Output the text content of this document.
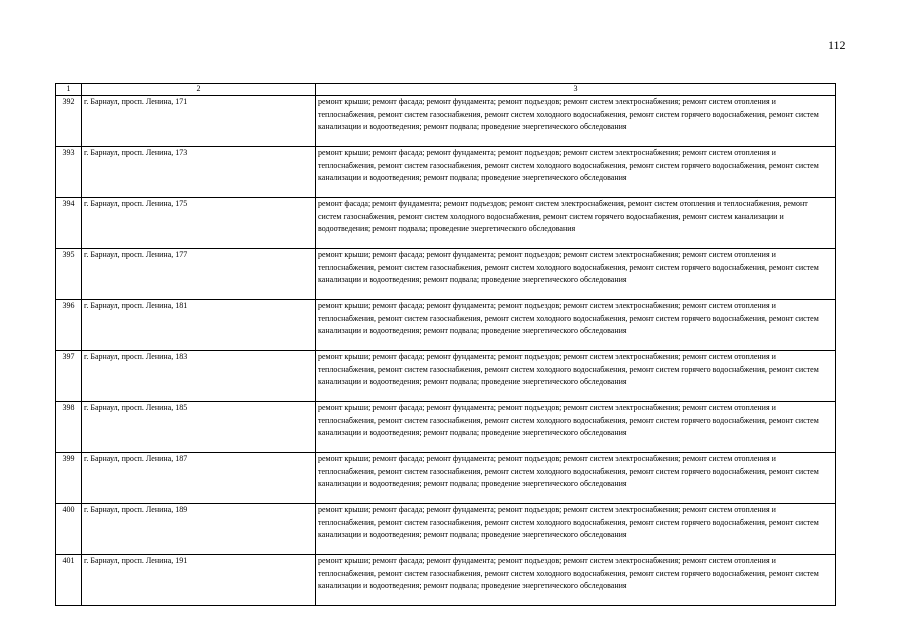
112
1	2	3
392	г. Барнаул, просп. Ленина, 171	ремонт крыши; ремонт фасада; ремонт фундамента; ремонт подъездов; ремонт систем электроснабжения; ремонт систем отопления и теплоснабжения, ремонт систем газоснабжения, ремонт систем холодного водоснабжения, ремонт систем горячего водоснабжения, ремонт систем канализации и водоотведения; ремонт подвала; проведение энергетического обследования
393	г. Барнаул, просп. Ленина, 173	ремонт крыши; ремонт фасада; ремонт фундамента; ремонт подъездов; ремонт систем электроснабжения; ремонт систем отопления и теплоснабжения, ремонт систем газоснабжения, ремонт систем холодного водоснабжения, ремонт систем горячего водоснабжения, ремонт систем канализации и водоотведения; ремонт подвала; проведение энергетического обследования
394	г. Барнаул, просп. Ленина, 175	ремонт фасада; ремонт фундамента; ремонт подъездов; ремонт систем электроснабжения, ремонт систем отопления и теплоснабжения, ремонт систем газоснабжения, ремонт систем холодного водоснабжения, ремонт систем горячего водоснабжения, ремонт систем канализации и водоотведения; ремонт подвала; проведение энергетического обследования
395	г. Барнаул, просп. Ленина, 177	ремонт крыши; ремонт фасада; ремонт фундамента; ремонт подъездов; ремонт систем электроснабжения; ремонт систем отопления и теплоснабжения, ремонт систем газоснабжения, ремонт систем холодного водоснабжения, ремонт систем горячего водоснабжения, ремонт систем канализации и водоотведения; ремонт подвала; проведение энергетического обследования
396	г. Барнаул, просп. Ленина, 181	ремонт крыши; ремонт фасада; ремонт фундамента; ремонт подъездов; ремонт систем электроснабжения; ремонт систем отопления и теплоснабжения, ремонт систем газоснабжения, ремонт систем холодного водоснабжения, ремонт систем горячего водоснабжения, ремонт систем канализации и водоотведения; ремонт подвала; проведение энергетического обследования
397	г. Барнаул, просп. Ленина, 183	ремонт крыши; ремонт фасада; ремонт фундамента; ремонт подъездов; ремонт систем электроснабжения; ремонт систем отопления и теплоснабжения, ремонт систем газоснабжения, ремонт систем холодного водоснабжения, ремонт систем горячего водоснабжения, ремонт систем канализации и водоотведения; ремонт подвала; проведение энергетического обследования
398	г. Барнаул, просп. Ленина, 185	ремонт крыши; ремонт фасада; ремонт фундамента; ремонт подъездов; ремонт систем электроснабжения; ремонт систем отопления и теплоснабжения, ремонт систем газоснабжения, ремонт систем холодного водоснабжения, ремонт систем горячего водоснабжения, ремонт систем канализации и водоотведения; ремонт подвала; проведение энергетического обследования
399	г. Барнаул, просп. Ленина, 187	ремонт крыши; ремонт фасада; ремонт фундамента; ремонт подъездов; ремонт систем электроснабжения; ремонт систем отопления и теплоснабжения, ремонт систем газоснабжения, ремонт систем холодного водоснабжения, ремонт систем горячего водоснабжения, ремонт систем канализации и водоотведения; ремонт подвала; проведение энергетического обследования
400	г. Барнаул, просп. Ленина, 189	ремонт крыши; ремонт фасада; ремонт фундамента; ремонт подъездов; ремонт систем электроснабжения; ремонт систем отопления и теплоснабжения, ремонт систем газоснабжения, ремонт систем холодного водоснабжения, ремонт систем горячего водоснабжения, ремонт систем канализации и водоотведения; ремонт подвала; проведение энергетического обследования
401	г. Барнаул, просп. Ленина, 191	ремонт крыши; ремонт фасада; ремонт фундамента; ремонт подъездов; ремонт систем электроснабжения; ремонт систем отопления и теплоснабжения, ремонт систем газоснабжения, ремонт систем холодного водоснабжения, ремонт систем горячего водоснабжения, ремонт систем канализации и водоотведения; ремонт подвала; проведение энергетического обследования
